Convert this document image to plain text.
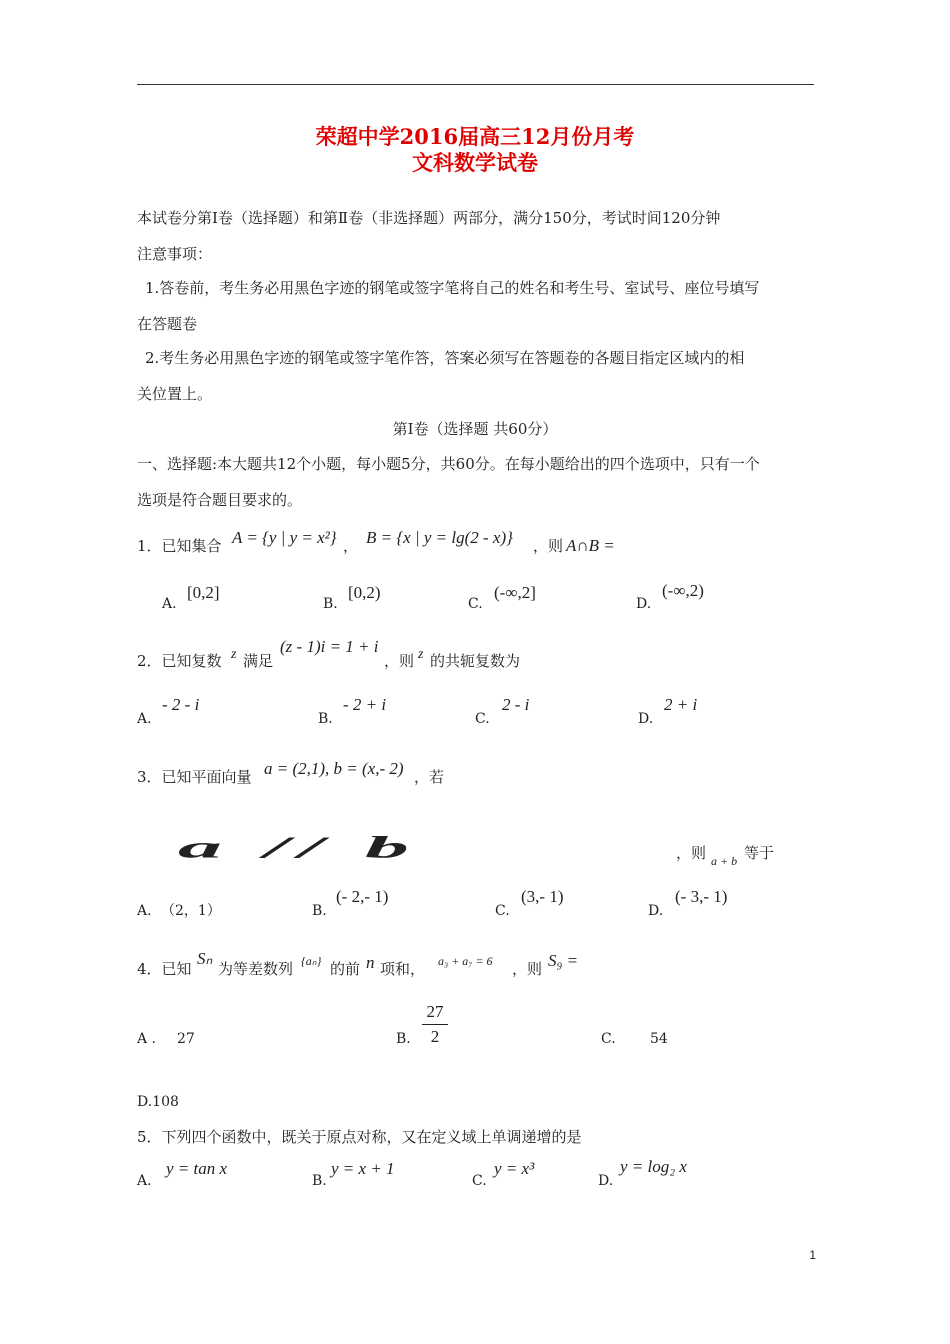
荣超中学2016届高三12月份月考
文科数学试卷
本试卷分第Ⅰ卷（选择题）和第Ⅱ卷（非选择题）两部分，满分150分，考试时间120分钟
注意事项：
1.答卷前，考生务必用黑色字迹的钢笔或签字笔将自己的姓名和考生号、室试号、座位号填写
在答题卷
2.考生务必用黑色字迹的钢笔或签字笔作答，答案必须写在答题卷的各题目指定区域内的相
关位置上。
第Ⅰ卷（选择题 共60分）
一、选择题:本大题共12个小题，每小题5分，共60分。在每小题给出的四个选项中，只有一个
选项是符合题目要求的。
1．已知集合 A = {y | y = x²} ， B = {x | y = lg(2 - x)} ，则 A∩B =
A.
[0,2]
B.
[0,2)
C.
(-∞,2]
D.
(-∞,2)
2．已知复数 z 满足
(z - 1)i = 1 + i
，则 z 的共轭复数为
A.
- 2 - i
B.
- 2 + i
C.
2 - i
D.
2 + i
3．已知平面向量 a = (2,1), b = (x,- 2) ，若
a // b	，则 a + b 等于
A. （2，1）	B.
(- 2,- 1)
C.
(3,- 1)
D.
(- 3,- 1)
4．已知
Sₙ
为等差数列 {aₙ} 的前 n 项和， a₃ + a₇ = 6 ，则 S₉ =
A . 27	B.
27
2	C. 54
D.108
5．下列四个函数中，既关于原点对称，又在定义域上单调递增的是
A.
y = tan x
B.
y = x + 1
C.
y = x³
D.
y = log₂ x
1
